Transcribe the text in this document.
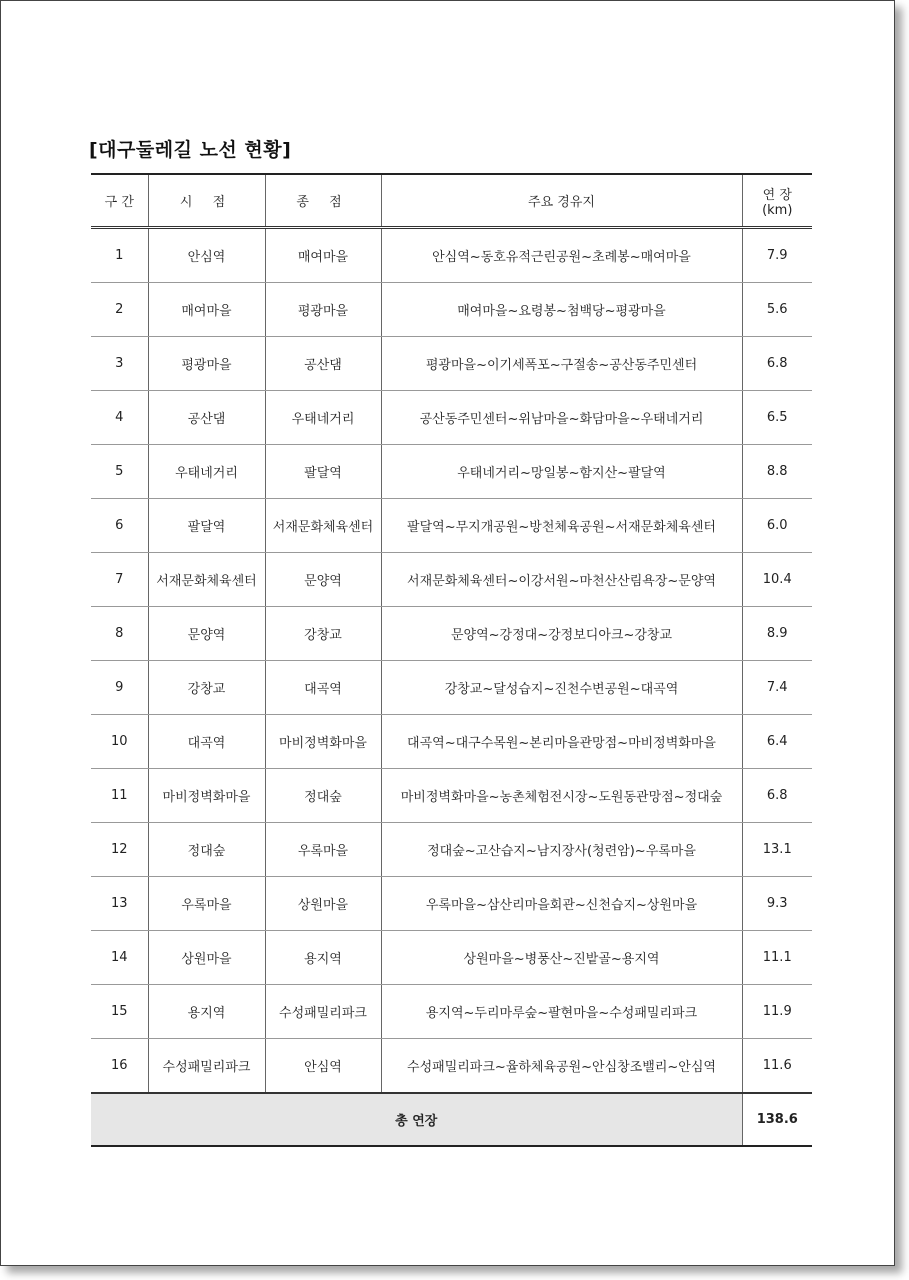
[대구둘레길 노선 현황]
구 간	시 점	종 점	주요 경유지	연 장
(km)

1	안심역	매여마을	안심역~동호유적근린공원~초례봉~매여마을	7.9
2	매여마을	평광마을	매여마을~요령봉~첨백당~평광마을	5.6
3	평광마을	공산댐	평광마을~이기세폭포~구절송~공산동주민센터	6.8
4	공산댐	우태네거리	공산동주민센터~위남마을~화담마을~우태네거리	6.5
5	우태네거리	팔달역	우태네거리~망일봉~함지산~팔달역	8.8
6	팔달역	서재문화체육센터	팔달역~무지개공원~방천체육공원~서재문화체육센터	6.0
7	서재문화체육센터	문양역	서재문화체육센터~이강서원~마천산산림욕장~문양역	10.4
8	문양역	강창교	문양역~강정대~강정보디아크~강창교	8.9
9	강창교	대곡역	강창교~달성습지~진천수변공원~대곡역	7.4
10	대곡역	마비정벽화마을	대곡역~대구수목원~본리마을관망점~마비정벽화마을	6.4
11	마비정벽화마을	정대숲	마비정벽화마을~농촌체험전시장~도원동관망점~정대숲	6.8
12	정대숲	우록마을	정대숲~고산습지~남지장사(청련암)~우록마을	13.1
13	우록마을	상원마을	우록마을~삼산리마을회관~신천습지~상원마을	9.3
14	상원마을	용지역	상원마을~병풍산~진밭골~용지역	11.1
15	용지역	수성패밀리파크	용지역~두리마루숲~팔현마을~수성패밀리파크	11.9
16	수성패밀리파크	안심역	수성패밀리파크~율하체육공원~안심창조밸리~안심역	11.6
총 연장				138.6
